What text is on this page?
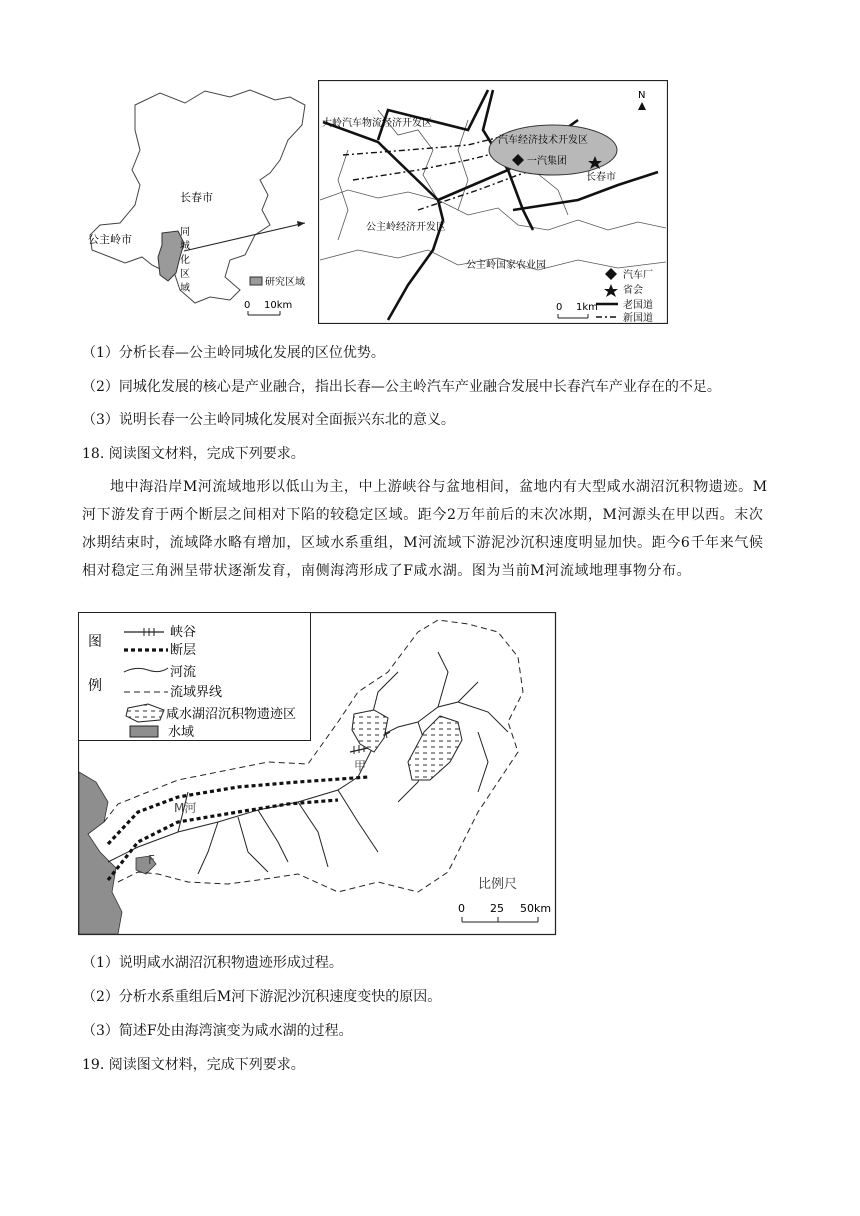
长春市
公主岭市
同
城
化
区
域
研究区域
0 10km
N
大岭汽车物流经济开发区
汽车经济技术开发区
一汽集团
长春市
公主岭经济开发区
公主岭国家农业园
汽车厂
省会
老国道
新国道
0 1km
（1）分析长春—公主岭同城化发展的区位优势。
（2）同城化发展的核心是产业融合，指出长春—公主岭汽车产业融合发展中长春汽车产业存在的不足。
（3）说明长春一公主岭同城化发展对全面振兴东北的意义。
18. 阅读图文材料，完成下列要求。
地中海沿岸M河流域地形以低山为主，中上游峡谷与盆地相间，盆地内有大型咸水湖沼沉积物遗迹。M河下游发育于两个断层之间相对下陷的较稳定区域。距今2万年前后的末次冰期，M河源头在甲以西。末次冰期结束时，流域降水略有增加，区域水系重组，M河流域下游泥沙沉积速度明显加快。距今6千年来气候相对稳定三角洲呈带状逐渐发育，南侧海湾形成了F咸水湖。图为当前M河流域地理事物分布。
图
例
峡谷
断层
河流
流域界线
咸水湖沼沉积物遗迹区
水域
甲
M河
F
比例尺
0 25 50km
（1）说明咸水湖沼沉积物遗迹形成过程。
（2）分析水系重组后M河下游泥沙沉积速度变快的原因。
（3）简述F处由海湾演变为咸水湖的过程。
19. 阅读图文材料，完成下列要求。
